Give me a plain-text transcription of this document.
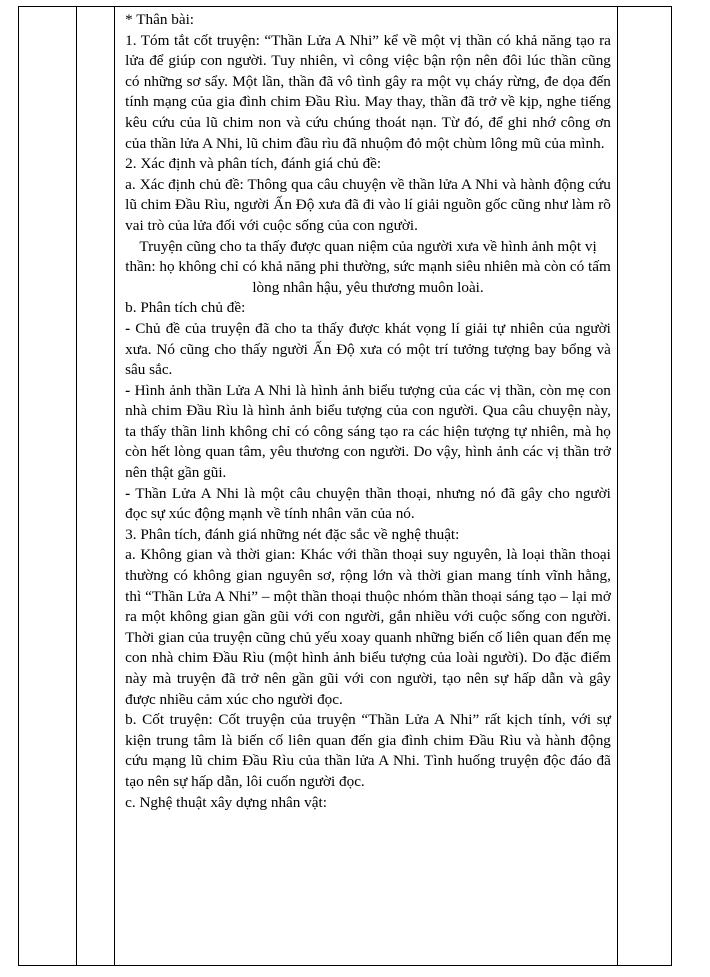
* Thân bài:

1. Tóm tắt cốt truyện: “Thần Lửa A Nhi” kể về một vị thần có khả năng tạo ra lửa để giúp con người. Tuy nhiên, vì công việc bận rộn nên đôi lúc thần cũng có những sơ sẩy. Một lần, thần đã vô tình gây ra một vụ cháy rừng, đe dọa đến tính mạng của gia đình chim Đầu Rìu. May thay, thần đã trở về kịp, nghe tiếng kêu cứu của lũ chim non và cứu chúng thoát nạn. Từ đó, để ghi nhớ công ơn của thần lửa A Nhi, lũ chim đầu rìu đã nhuộm đỏ một chùm lông mũ của mình.

2. Xác định và phân tích, đánh giá chủ đề:

a. Xác định chủ đề: Thông qua câu chuyện về thần lửa A Nhi và hành động cứu lũ chim Đầu Rìu, người Ấn Độ xưa đã đi vào lí giải nguồn gốc cũng như làm rõ vai trò của lửa đối với cuộc sống của con người.

Truyện cũng cho ta thấy được quan niệm của người xưa về hình ảnh một vị thần: họ không chỉ có khả năng phi thường, sức mạnh siêu nhiên mà còn có tấm lòng nhân hậu, yêu thương muôn loài.

b. Phân tích chủ đề:

- Chủ đề của truyện đã cho ta thấy được khát vọng lí giải tự nhiên của người xưa. Nó cũng cho thấy người Ấn Độ xưa có một trí tưởng tượng bay bổng và sâu sắc.

- Hình ảnh thần Lửa A Nhi là hình ảnh biểu tượng của các vị thần, còn mẹ con nhà chim Đầu Rìu là hình ảnh biểu tượng của con người. Qua câu chuyện này, ta thấy thần linh không chỉ có công sáng tạo ra các hiện tượng tự nhiên, mà họ còn hết lòng quan tâm, yêu thương con người. Do vậy, hình ảnh các vị thần trở nên thật gần gũi.

- Thần Lửa A Nhi là một câu chuyện thần thoại, nhưng nó đã gây cho người đọc sự xúc động mạnh về tính nhân văn của nó.

3. Phân tích, đánh giá những nét đặc sắc về nghệ thuật:

a. Không gian và thời gian: Khác với thần thoại suy nguyên, là loại thần thoại thường có không gian nguyên sơ, rộng lớn và thời gian mang tính vĩnh hằng, thì “Thần Lửa A Nhi” – một thần thoại thuộc nhóm thần thoại sáng tạo – lại mở ra một không gian gần gũi với con người, gắn nhiều với cuộc sống con người. Thời gian của truyện cũng chủ yếu xoay quanh những biến cố liên quan đến mẹ con nhà chim Đầu Rìu (một hình ảnh biểu tượng của loài người). Do đặc điểm này mà truyện đã trở nên gần gũi với con người, tạo nên sự hấp dẫn và gây được nhiều cảm xúc cho người đọc.

b. Cốt truyện: Cốt truyện của truyện “Thần Lửa A Nhi” rất kịch tính, với sự kiện trung tâm là biến cố liên quan đến gia đình chim Đầu Rìu và hành động cứu mạng lũ chim Đầu Rìu của thần lửa A Nhi. Tình huống truyện độc đáo đã tạo nên sự hấp dẫn, lôi cuốn người đọc.

c. Nghệ thuật xây dựng nhân vật:
